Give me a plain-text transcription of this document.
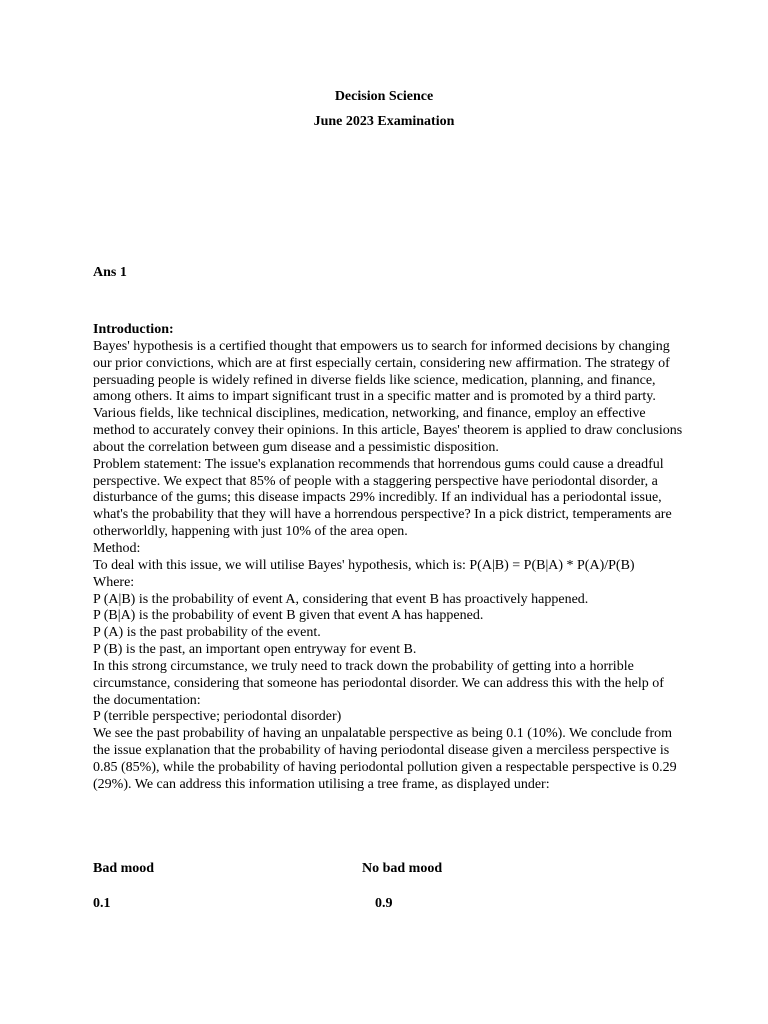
Decision Science
June 2023 Examination
Ans 1

Introduction:

Bayes' hypothesis is a certified thought that empowers us to search for informed decisions by changing our prior convictions, which are at first especially certain, considering new affirmation. The strategy of persuading people is widely refined in diverse fields like science, medication, planning, and finance, among others. It aims to impart significant trust in a specific matter and is promoted by a third party. Various fields, like technical disciplines, medication, networking, and finance, employ an effective method to accurately convey their opinions. In this article, Bayes' theorem is applied to draw conclusions about the correlation between gum disease and a pessimistic disposition.

Problem statement: The issue's explanation recommends that horrendous gums could cause a dreadful perspective. We expect that 85% of people with a staggering perspective have periodontal disorder, a disturbance of the gums; this disease impacts 29% incredibly. If an individual has a periodontal issue, what's the probability that they will have a horrendous perspective? In a pick district, temperaments are otherworldly, happening with just 10% of the area open.

Method:

To deal with this issue, we will utilise Bayes' hypothesis, which is: P(A|B) = P(B|A) * P(A)/P(B)

Where:

P (A|B) is the probability of event A, considering that event B has proactively happened.

P (B|A) is the probability of event B given that event A has happened.

P (A) is the past probability of the event.

P (B) is the past, an important open entryway for event B.

In this strong circumstance, we truly need to track down the probability of getting into a horrible circumstance, considering that someone has periodontal disorder. We can address this with the help of the documentation:

P (terrible perspective; periodontal disorder)

We see the past probability of having an unpalatable perspective as being 0.1 (10%). We conclude from the issue explanation that the probability of having periodontal disease given a merciless perspective is 0.85 (85%), while the probability of having periodontal pollution given a respectable perspective is 0.29 (29%). We can address this information utilising a tree frame, as displayed under:

Bad mood	No bad mood
0.1	0.9
